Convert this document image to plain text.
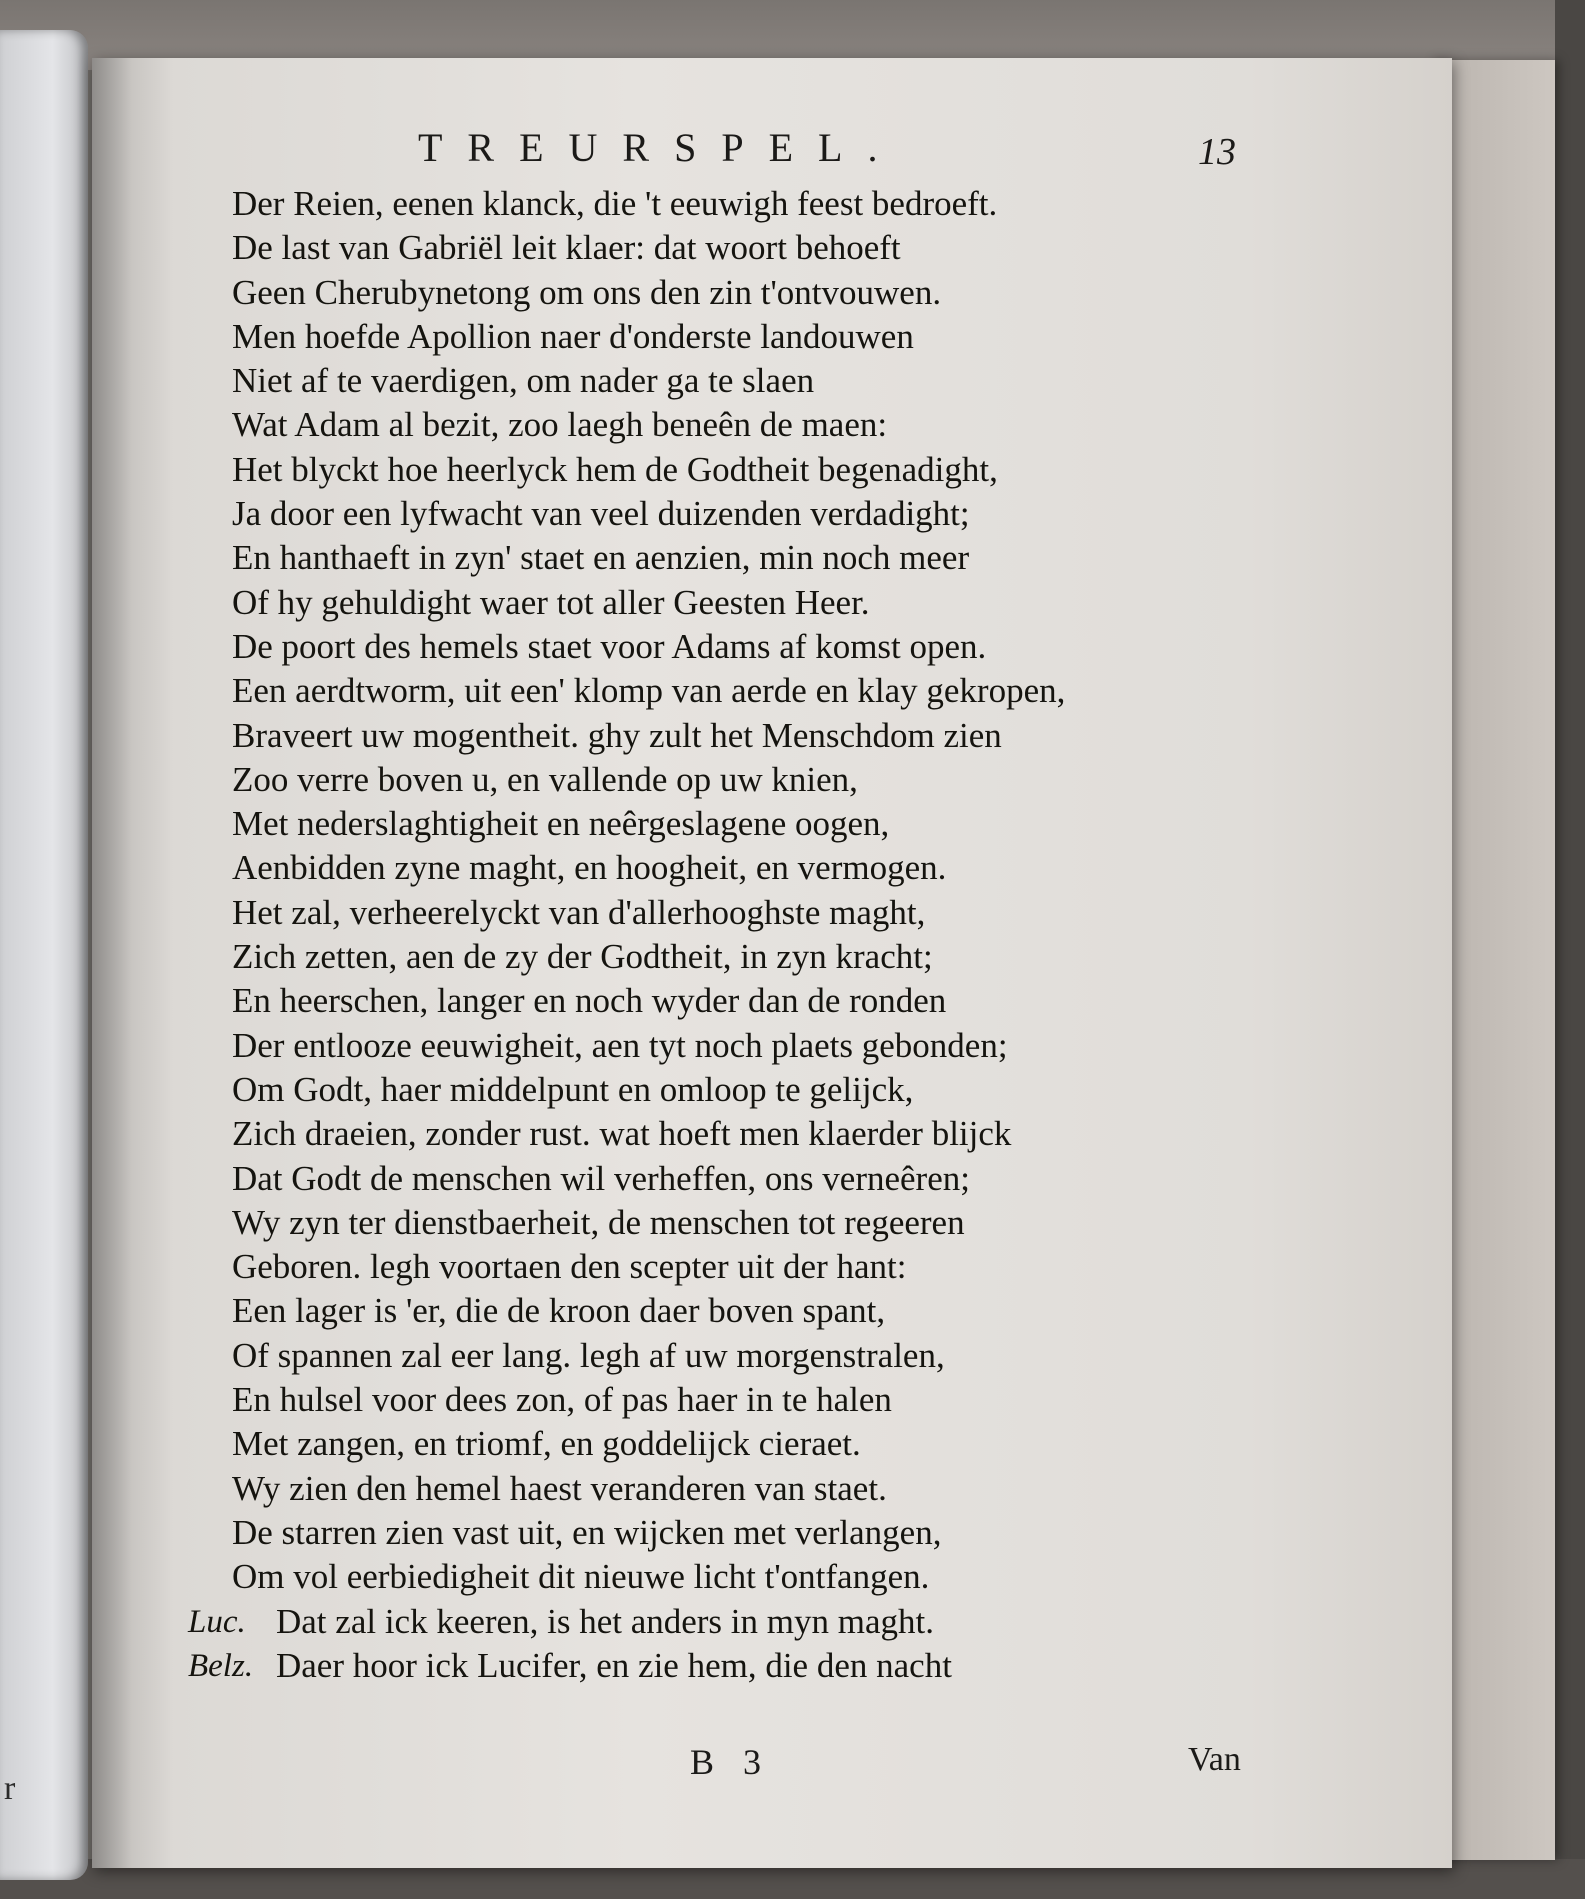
r
TREURSPEL.	13
Der Reien, eenen klanck, die 't eeuwigh feest bedroeft.
De last van Gabriël leit klaer: dat woort behoeft
Geen Cherubynetong om ons den zin t'ontvouwen.
Men hoefde Apollion naer d'onderste landouwen
Niet af te vaerdigen, om nader ga te slaen
Wat Adam al bezit, zoo laegh beneên de maen:
Het blyckt hoe heerlyck hem de Godtheit begenadight,
Ja door een lyfwacht van veel duizenden verdadight;
En hanthaeft in zyn' staet en aenzien, min noch meer
Of hy gehuldight waer tot aller Geesten Heer.
De poort des hemels staet voor Adams af komst open.
Een aerdtworm, uit een' klomp van aerde en klay gekropen,
Braveert uw mogentheit. ghy zult het Menschdom zien
Zoo verre boven u, en vallende op uw knien,
Met nederslaghtigheit en neêrgeslagene oogen,
Aenbidden zyne maght, en hoogheit, en vermogen.
Het zal, verheerelyckt van d'allerhooghste maght,
Zich zetten, aen de zy der Godtheit, in zyn kracht;
En heerschen, langer en noch wyder dan de ronden
Der entlooze eeuwigheit, aen tyt noch plaets gebonden;
Om Godt, haer middelpunt en omloop te gelijck,
Zich draeien, zonder rust. wat hoeft men klaerder blijck
Dat Godt de menschen wil verheffen, ons verneêren;
Wy zyn ter dienstbaerheit, de menschen tot regeeren
Geboren. legh voortaen den scepter uit der hant:
Een lager is 'er, die de kroon daer boven spant,
Of spannen zal eer lang. legh af uw morgenstralen,
En hulsel voor dees zon, of pas haer in te halen
Met zangen, en triomf, en goddelijck cieraet.
Wy zien den hemel haest veranderen van staet.
De starren zien vast uit, en wijcken met verlangen,
Om vol eerbiedigheit dit nieuwe licht t'ontfangen.
Luc. Dat zal ick keeren, is het anders in myn maght.
Belz. Daer hoor ick Lucifer, en zie hem, die den nacht
B 3	Van
